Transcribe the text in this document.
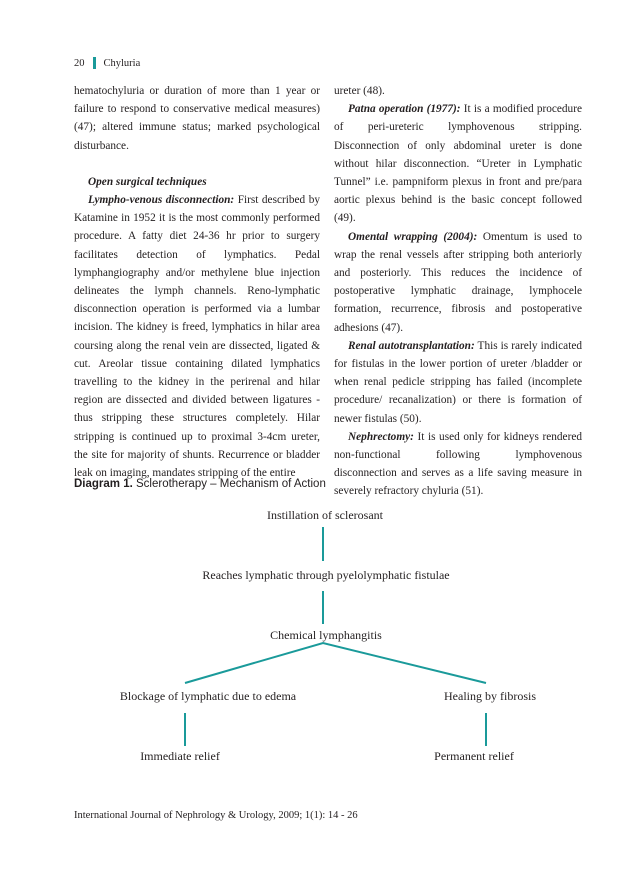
20 Chyluria

hematochyluria or duration of more than 1 year or failure to respond to conservative medical measures) (47); altered immune status; marked psychological disturbance.

Open surgical techniques

Lympho-venous disconnection: First described by Katamine in 1952 it is the most commonly performed procedure. A fatty diet 24-36 hr prior to surgery facilitates detection of lymphatics. Pedal lymphangiography and/or methylene blue injection delineates the lymph channels. Reno-lymphatic disconnection operation is performed via a lumbar incision. The kidney is freed, lymphatics in hilar area coursing along the renal vein are dissected, ligated & cut. Areolar tissue containing dilated lymphatics travelling to the kidney in the perirenal and hilar region are dissected and divided between ligatures - thus stripping these structures completely. Hilar stripping is continued up to proximal 3-4cm ureter, the site for majority of shunts. Recurrence or bladder leak on imaging, mandates stripping of the entire

ureter (48).

Patna operation (1977): It is a modified procedure of peri-ureteric lymphovenous stripping. Disconnection of only abdominal ureter is done without hilar disconnection. “Ureter in Lymphatic Tunnel” i.e. pampniform plexus in front and pre/para aortic plexus behind is the basic concept followed (49).

Omental wrapping (2004): Omentum is used to wrap the renal vessels after stripping both anteriorly and posteriorly. This reduces the incidence of postoperative lymphatic drainage, lymphocele formation, recurrence, fibrosis and postoperative adhesions (47).

Renal autotransplantation: This is rarely indicated for fistulas in the lower portion of ureter /bladder or when renal pedicle stripping has failed (incomplete procedure/ recanalization) or there is formation of newer fistulas (50).

Nephrectomy: It is used only for kidneys rendered non-functional following lymphovenous disconnection and serves as a life saving measure in severely refractory chyluria (51).

Diagram 1. Sclerotherapy – Mechanism of Action
Instillation of sclerosant
Reaches lymphatic through pyelolymphatic fistulae
Chemical lymphangitis
Blockage of lymphatic due to edema	Healing by fibrosis
Immediate relief	Permanent relief
International Journal of Nephrology & Urology, 2009; 1(1): 14 - 26
